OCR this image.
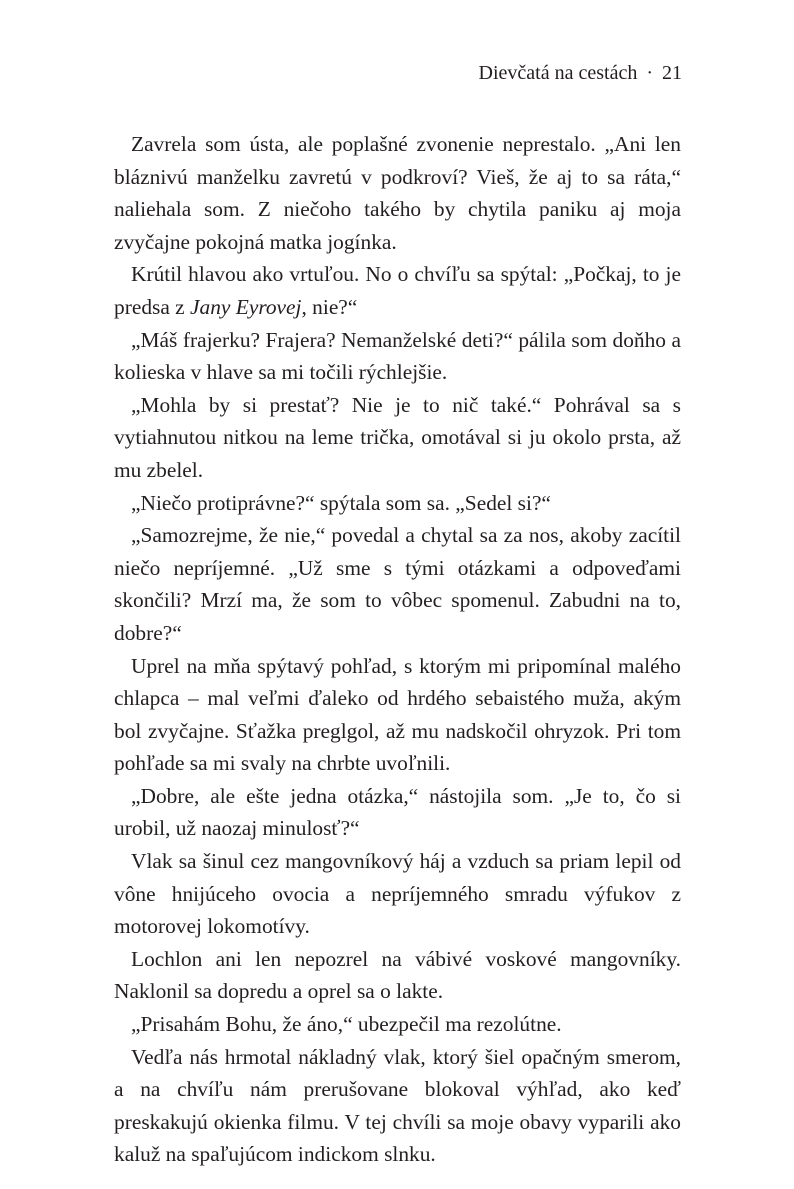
Dievčatá na cestách · 21

Zavrela som ústa, ale poplašné zvonenie neprestalo. „Ani len bláznivú manželku zavretú v podkroví? Vieš, že aj to sa ráta,“ naliehala som. Z niečoho takého by chytila paniku aj moja zvyčajne pokojná matka jogínka.

Krútil hlavou ako vrtuľou. No o chvíľu sa spýtal: „Počkaj, to je predsa z Jany Eyrovej, nie?“

„Máš frajerku? Frajera? Nemanželské deti?“ pálila som doňho a kolieska v hlave sa mi točili rýchlejšie.

„Mohla by si prestať? Nie je to nič také.“ Pohrával sa s vytiahnutou nitkou na leme trička, omotával si ju okolo prsta, až mu zbelel.

„Niečo protiprávne?“ spýtala som sa. „Sedel si?“

„Samozrejme, že nie,“ povedal a chytal sa za nos, akoby zacítil niečo nepríjemné. „Už sme s tými otázkami a odpoveďami skončili? Mrzí ma, že som to vôbec spomenul. Zabudni na to, dobre?“

Uprel na mňa spýtavý pohľad, s ktorým mi pripomínal malého chlapca – mal veľmi ďaleko od hrdého sebaistého muža, akým bol zvyčajne. Sťažka preglgol, až mu nadskočil ohryzok. Pri tom pohľade sa mi svaly na chrbte uvoľnili.

„Dobre, ale ešte jedna otázka,“ nástojila som. „Je to, čo si urobil, už naozaj minulosť?“

Vlak sa šinul cez mangovníkový háj a vzduch sa priam lepil od vône hnijúceho ovocia a nepríjemného smradu výfukov z motorovej lokomotívy.

Lochlon ani len nepozrel na vábivé voskové mangovníky. Naklonil sa dopredu a oprel sa o lakte.

„Prisahám Bohu, že áno,“ ubezpečil ma rezolútne.

Vedľa nás hrmotal nákladný vlak, ktorý šiel opačným smerom, a na chvíľu nám prerušovane blokoval výhľad, ako keď preskakujú okienka filmu. V tej chvíli sa moje obavy vyparili ako kaluž na spaľujúcom indickom slnku.
